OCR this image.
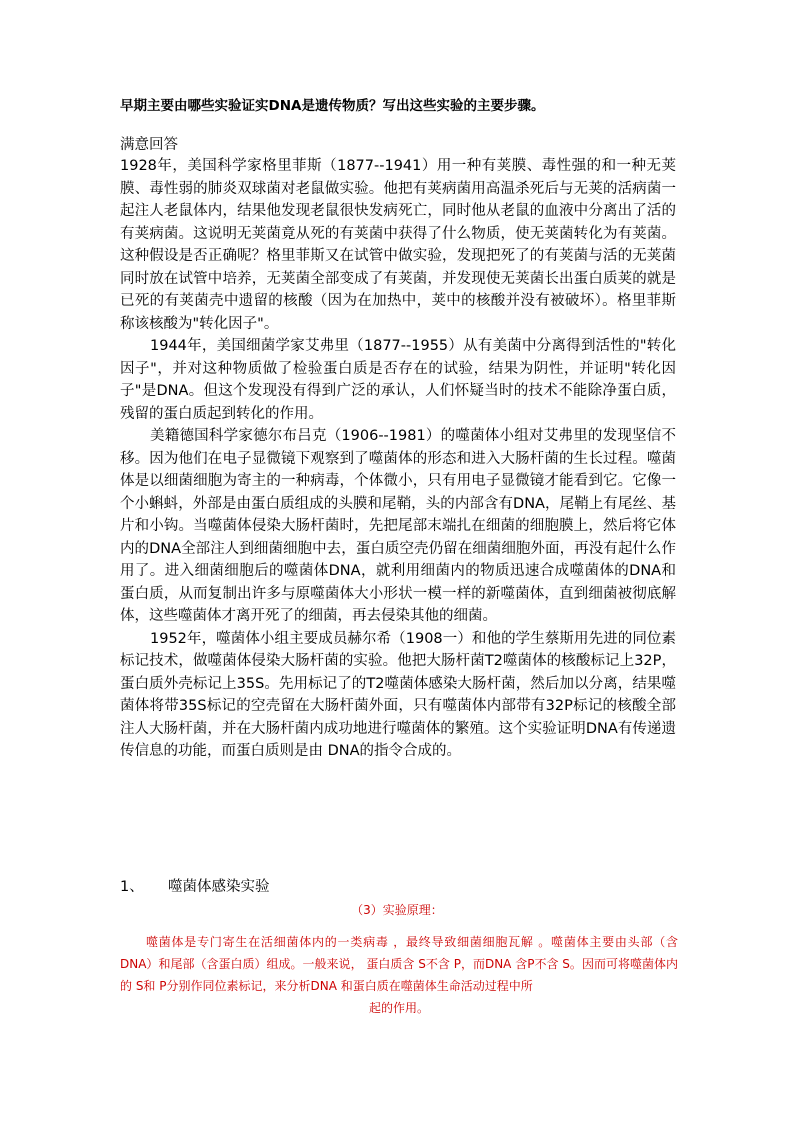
早期主要由哪些实验证实DNA是遗传物质？写出这些实验的主要步骤。
满意回答

1928年，美国科学家格里菲斯（1877--1941）用一种有荚膜、毒性强的和一种无荚膜、毒性弱的肺炎双球菌对老鼠做实验。他把有荚病菌用高温杀死后与无荚的活病菌一起注人老鼠体内，结果他发现老鼠很快发病死亡，同时他从老鼠的血液中分离出了活的有荚病菌。这说明无荚菌竟从死的有荚菌中获得了什么物质，使无荚菌转化为有荚菌。这种假设是否正确呢？格里菲斯又在试管中做实验，发现把死了的有荚菌与活的无荚菌同时放在试管中培养，无荚菌全部变成了有荚菌，并发现使无荚菌长出蛋白质荚的就是已死的有荚菌壳中遗留的核酸（因为在加热中，荚中的核酸并没有被破坏）。格里菲斯称该核酸为"转化因子"。

1944年，美国细菌学家艾弗里（1877--1955）从有美菌中分离得到活性的"转化因子"，并对这种物质做了检验蛋白质是否存在的试验，结果为阴性，并证明"转化因子"是DNA。但这个发现没有得到广泛的承认，人们怀疑当时的技术不能除净蛋白质，残留的蛋白质起到转化的作用。

美籍德国科学家德尔布吕克（1906--1981）的噬菌体小组对艾弗里的发现坚信不移。因为他们在电子显微镜下观察到了噬菌体的形态和进入大肠杆菌的生长过程。噬菌体是以细菌细胞为寄主的一种病毒，个体微小，只有用电子显微镜才能看到它。它像一个小蝌蚪，外部是由蛋白质组成的头膜和尾鞘，头的内部含有DNA，尾鞘上有尾丝、基片和小钩。当噬菌体侵染大肠杆菌时，先把尾部末端扎在细菌的细胞膜上，然后将它体内的DNA全部注人到细菌细胞中去，蛋白质空壳仍留在细菌细胞外面，再没有起什么作用了。进入细菌细胞后的噬菌体DNA，就利用细菌内的物质迅速合成噬菌体的DNA和蛋白质，从而复制出许多与原噬菌体大小形状一模一样的新噬菌体，直到细菌被彻底解体，这些噬菌体才离开死了的细菌，再去侵染其他的细菌。

1952年，噬菌体小组主要成员赫尔希（1908一）和他的学生蔡斯用先进的同位素标记技术，做噬菌体侵染大肠杆菌的实验。他把大肠杆菌T2噬菌体的核酸标记上32P，蛋白质外壳标记上35S。先用标记了的T2噬菌体感染大肠杆菌，然后加以分离，结果噬菌体将带35S标记的空壳留在大肠杆菌外面，只有噬菌体内部带有32P标记的核酸全部注人大肠杆菌，并在大肠杆菌内成功地进行噬菌体的繁殖。这个实验证明DNA有传递遗传信息的功能，而蛋白质则是由 DNA的指令合成的。

1、 噬菌体感染实验
（3）实验原理：
噬菌体是专门寄生在活细菌体内的一类病毒 ，最终导致细菌细胞瓦解 。噬菌体主要由头部（含DNA）和尾部（含蛋白质）组成。一般来说， 蛋白质含 S不含 P，而DNA 含P不含 S。因而可将噬菌体内的 S和 P分别作同位素标记，来分析DNA 和蛋白质在噬菌体生命活动过程中所
起的作用。
